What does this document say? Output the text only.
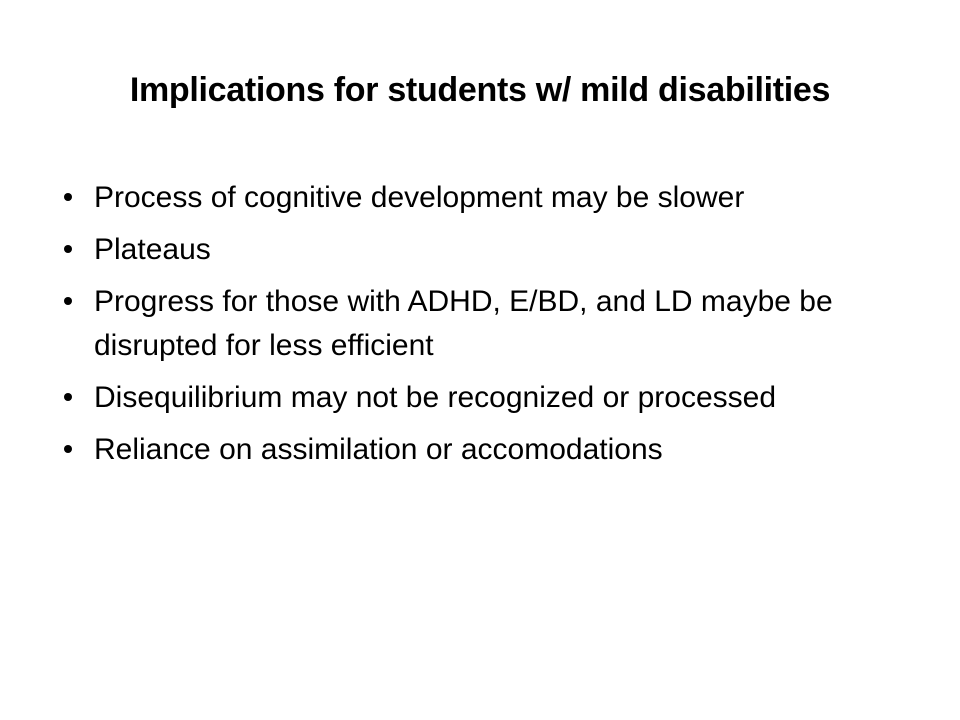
Implications for students w/ mild disabilities
Process of cognitive development may be slower
Plateaus
Progress for those with ADHD, E/BD, and LD maybe be disrupted for less efficient
Disequilibrium may not be recognized or processed
Reliance on assimilation or accomodations
